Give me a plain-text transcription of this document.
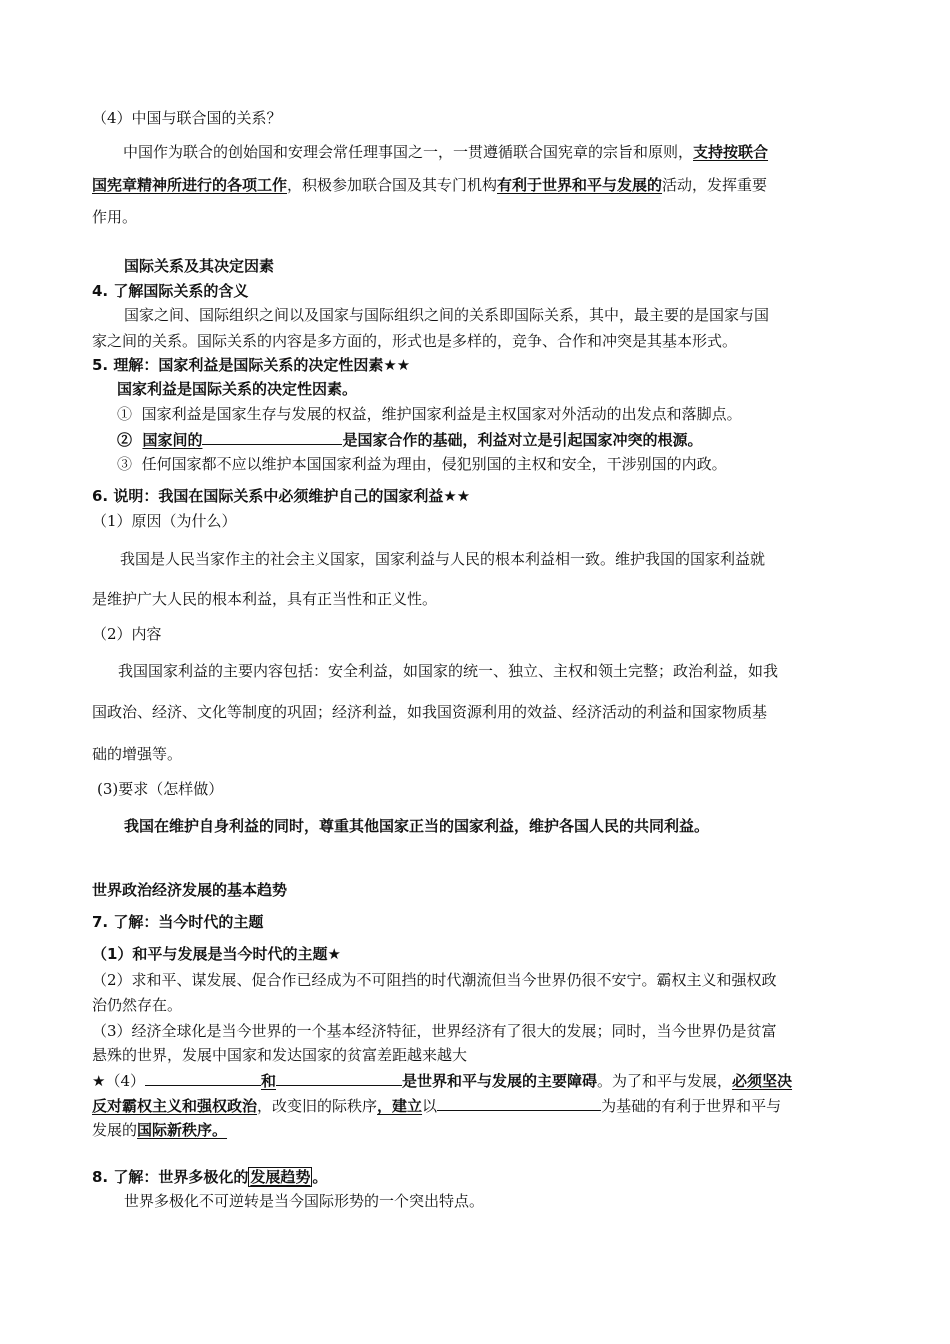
（4）中国与联合国的关系？
中国作为联合的创始国和安理会常任理事国之一，一贯遵循联合国宪章的宗旨和原则，支持按联合
国宪章精神所进行的各项工作，积极参加联合国及其专门机构有利于世界和平与发展的活动，发挥重要
作用。
国际关系及其决定因素
4. 了解国际关系的含义
国家之间、国际组织之间以及国家与国际组织之间的关系即国际关系，其中，最主要的是国家与国
家之间的关系。国际关系的内容是多方面的，形式也是多样的，竞争、合作和冲突是其基本形式。
5. 理解：国家利益是国际关系的决定性因素★★
国家利益是国际关系的决定性因素。
① 国家利益是国家生存与发展的权益，维护国家利益是主权国家对外活动的出发点和落脚点。
② 国家间的	是国家合作的基础，利益对立是引起国家冲突的根源。
③ 任何国家都不应以维护本国国家利益为理由，侵犯别国的主权和安全，干涉别国的内政。
6. 说明：我国在国际关系中必须维护自己的国家利益★★
（1）原因（为什么）
我国是人民当家作主的社会主义国家，国家利益与人民的根本利益相一致。维护我国的国家利益就
是维护广大人民的根本利益，具有正当性和正义性。
（2）内容
我国国家利益的主要内容包括：安全利益，如国家的统一、独立、主权和领土完整；政治利益，如我
国政治、经济、文化等制度的巩固；经济利益，如我国资源利用的效益、经济活动的利益和国家物质基
础的增强等。
(3)要求（怎样做）
我国在维护自身利益的同时，尊重其他国家正当的国家利益，维护各国人民的共同利益。
世界政治经济发展的基本趋势
7. 了解：当今时代的主题
（1）和平与发展是当今时代的主题★
（2）求和平、谋发展、促合作已经成为不可阻挡的时代潮流但当今世界仍很不安宁。霸权主义和强权政
治仍然存在。
（3）经济全球化是当今世界的一个基本经济特征，世界经济有了很大的发展；同时，当今世界仍是贫富
悬殊的世界，发展中国家和发达国家的贫富差距越来越大
★（4）	和	是世界和平与发展的主要障碍。为了和平与发展，必须坚决
反对霸权主义和强权政治，改变旧的际秩序，建立以	为基础的有利于世界和平与
发展的国际新秩序。
8. 了解：世界多极化的 发展趋势 。
世界多极化不可逆转是当今国际形势的一个突出特点。
